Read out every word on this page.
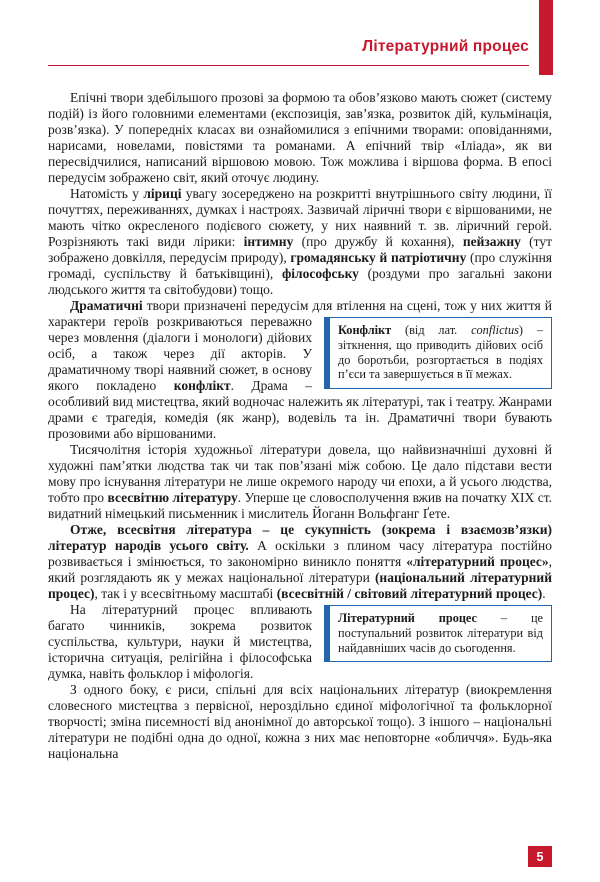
Літературний процес

Епічні твори здебільшого прозові за формою та обов’язково мають сюжет (систему подій) із його головними елементами (експозиція, зав’язка, розвиток дій, кульмінація, розв’язка). У попередніх класах ви ознайомилися з епічними творами: оповіданнями, нарисами, новелами, повістями та романами. А епічний твір «Іліада», як ви пересвідчилися, написаний віршовою мовою. Тож можлива і віршова форма. В епосі передусім зображено світ, який оточує людину.

Натомість у ліриці увагу зосереджено на розкритті внутрішнього світу людини, її почуттях, переживаннях, думках і настроях. Зазвичай ліричні твори є віршованими, не мають чітко окресленого подієвого сюжету, у них наявний т. зв. ліричний герой. Розрізняють такі види лірики: інтимну (про дружбу й кохання), пейзажну (тут зображено довкілля, передусім природу), громадянську й патріотичну (про служіння громаді, суспільству й батьківщині), філософську (роздуми про загальні закони людського життя та світобудови) тощо.

Драматичні твори призначені передусім для втілення на сцені,
Конфлікт (від лат. conflictus) – зіткнення, що приводить дійових осіб до боротьби, розгортається в подіях п’єси та завершується в її межах.
тож у них життя й характери героїв розкриваються переважно через мовлення (діалоги і монологи) дійових осіб, а також через дії акторів. У драматичному творі наявний сюжет, в основу якого покладено конфлікт. Драма – особливий вид мистецтва, який водночас належить як літературі, так і театру. Жанрами драми є трагедія, комедія (як жанр), водевіль та ін. Драматичні твори бувають прозовими або віршованими.

Тисячолітня історія художньої літератури довела, що найвизначніші духовні й художні пам’ятки людства так чи так пов’язані між собою. Це дало підстави вести мову про існування літератури не лише окремого народу чи епохи, а й усього людства, тобто про всесвітню літературу. Уперше це словосполучення вжив на початку XIX ст. видатний німецький письменник і мислитель Йоганн Вольфганг Ґете.

Отже, всесвітня література – це сукупність (зокрема і взаємозв’язки) літератур народів усього світу. А оскільки з плином часу література постійно розвивається і змінюється, то закономірно виникло поняття «літературний процес», який розглядають як у межах національної літератури (національний літературний процес), так і у всесвітньому масштабі (всесвітній / світовий літературний процес).

Літературний процес – це поступальний розвиток літератури від найдавніших часів до сьогодення.
На літературний процес впливають багато чинників, зокрема розвиток суспільства, культури, науки й мистецтва, історична ситуація, релігійна і філософська думка, навіть фольклор і міфологія.

З одного боку, є риси, спільні для всіх національних літератур (виокремлення словесного мистецтва з первісної, нероздільно єдиної міфологічної та фольклорної творчості; зміна писемності від анонімної до авторської тощо). З іншого – національні літератури не подібні одна до одної, кожна з них має неповторне «обличчя». Будь-яка національна

5
